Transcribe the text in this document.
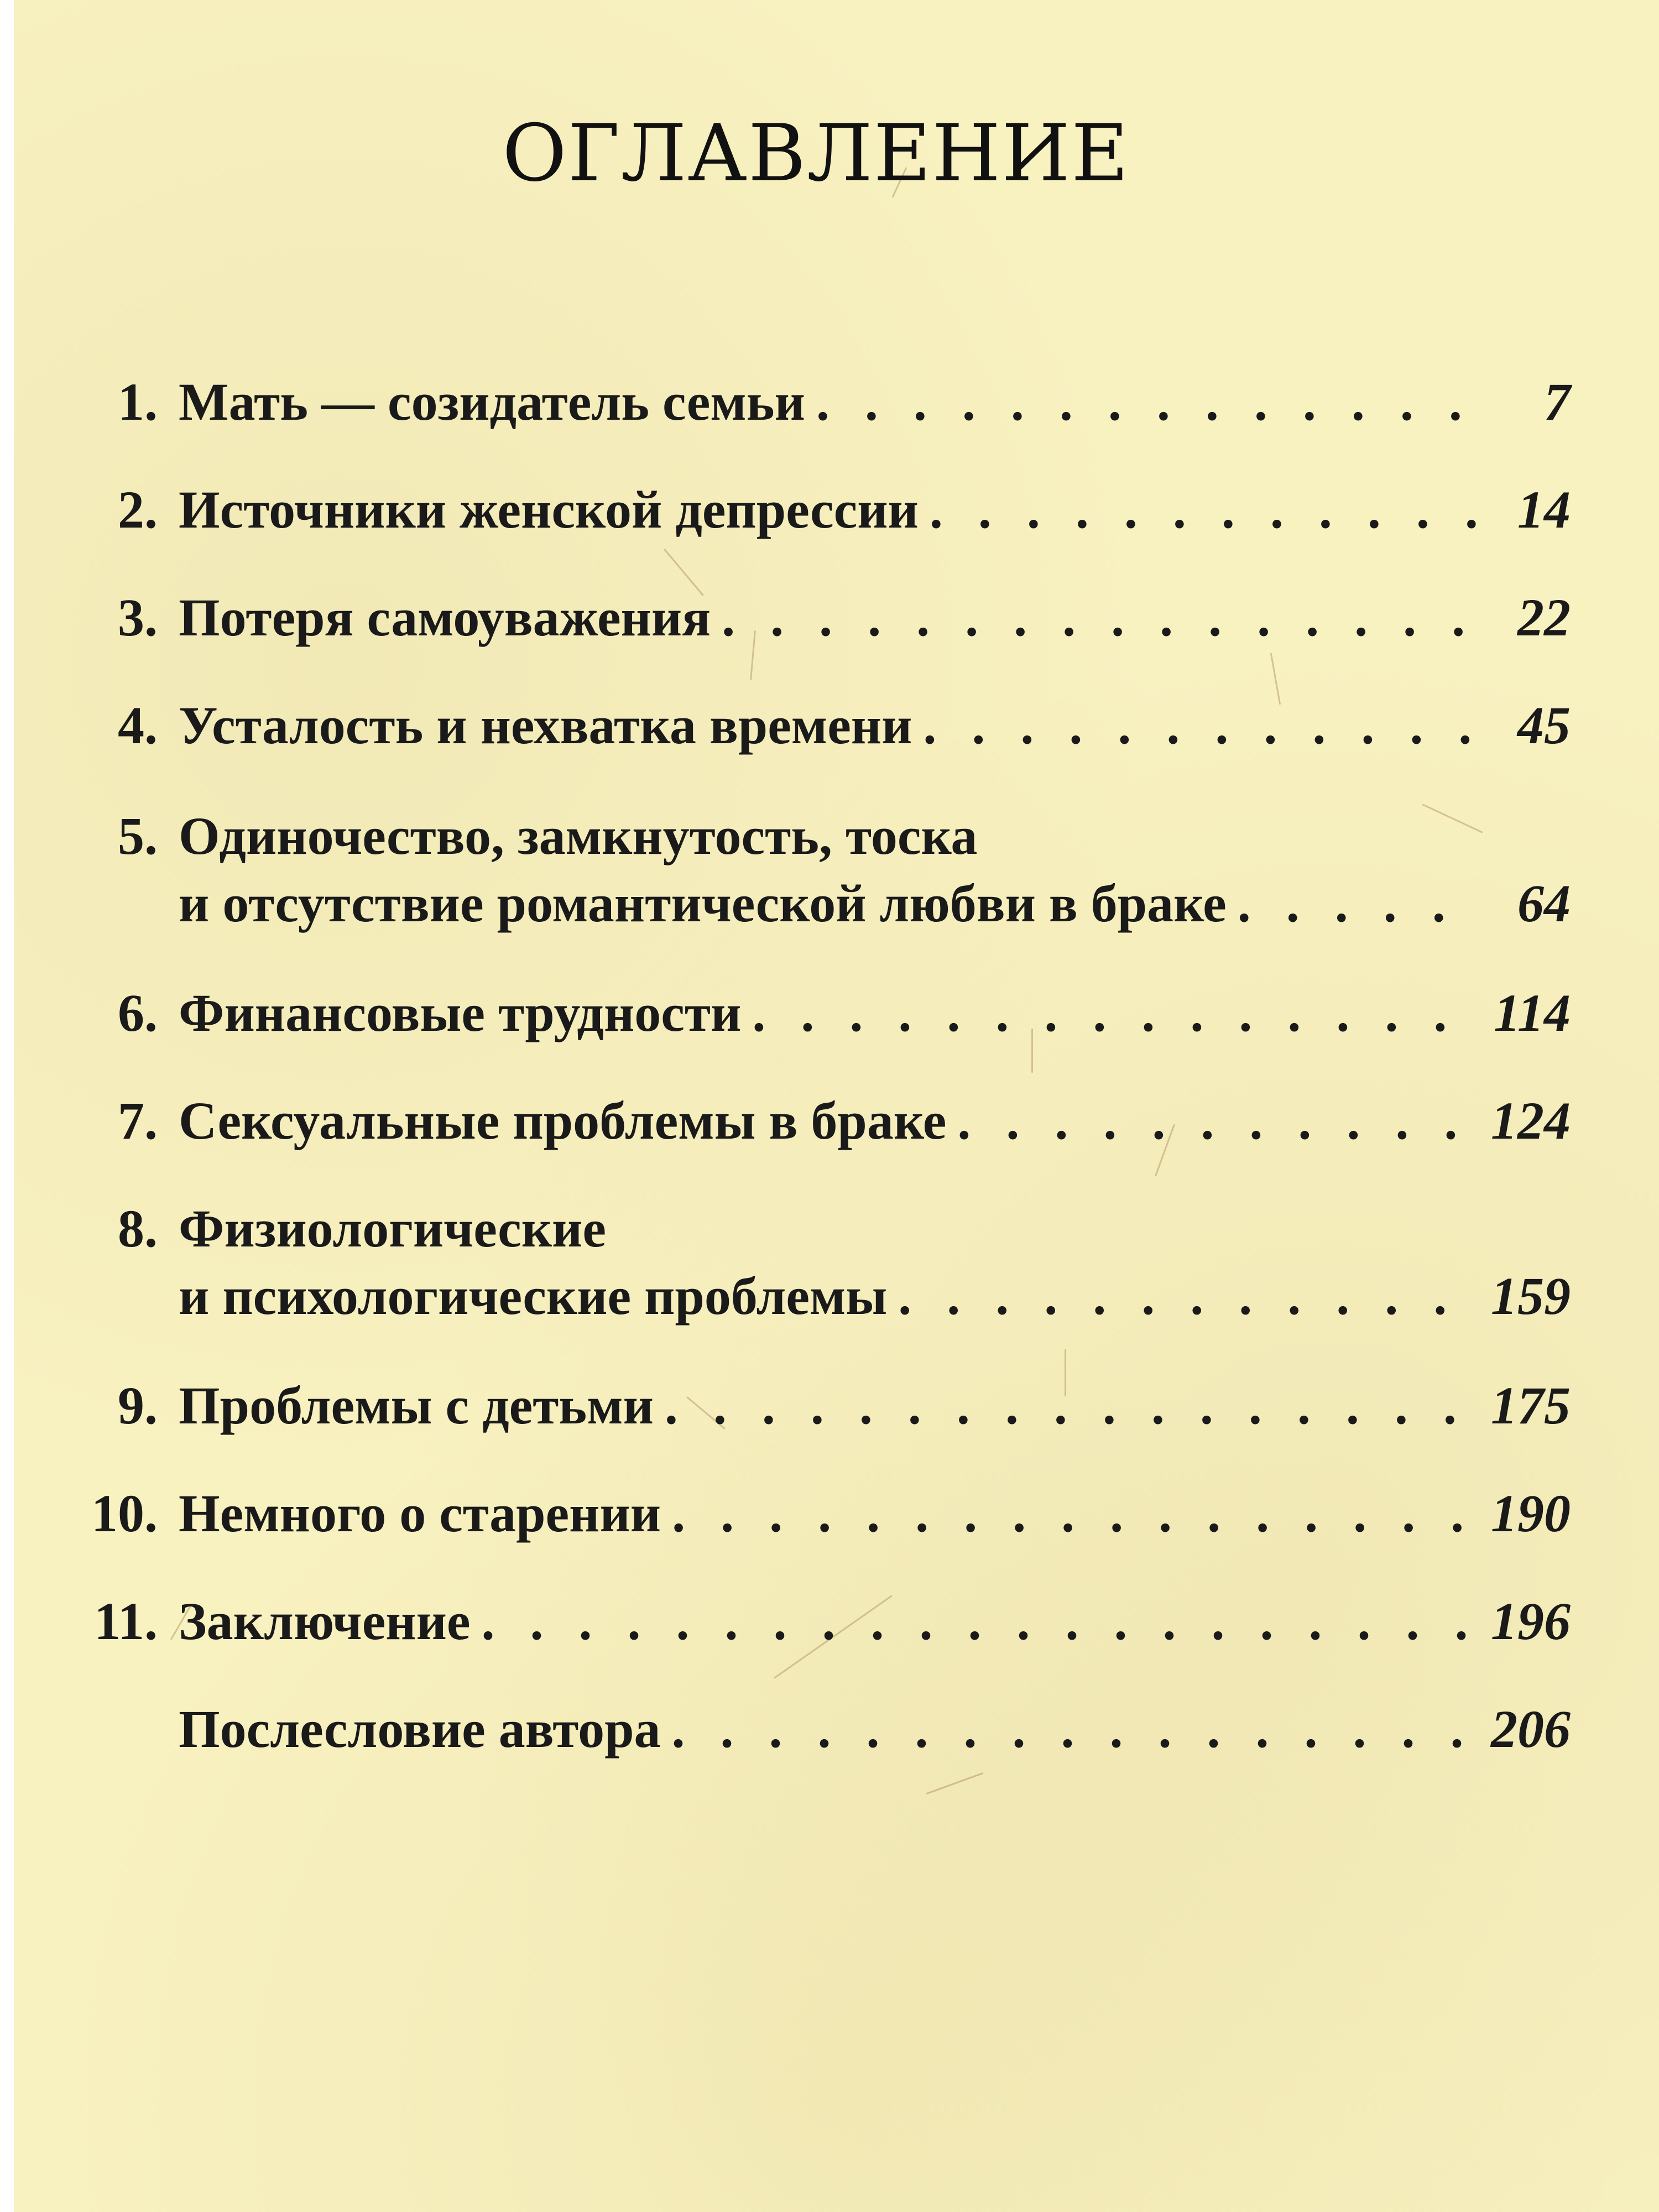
ОГЛАВЛЕНИЕ
1. Мать — созидатель семьи . . .	7
2. Источники женской депрессии . . .	14
3. Потеря самоуважения . . .	22
4. Усталость и нехватка времени . . .	45
5. Одиночество, замкнутость, тоска
и отсутствие романтической любви в браке . . .	64
6. Финансовые трудности . . .	114
7. Сексуальные проблемы в браке . . .	124
8. Физиологические
и психологические проблемы . . .	159
9. Проблемы с детьми . . .	175
10. Немного о старении . . .	190
11. Заключение . . .	196
Послесловие автора . . .	206
